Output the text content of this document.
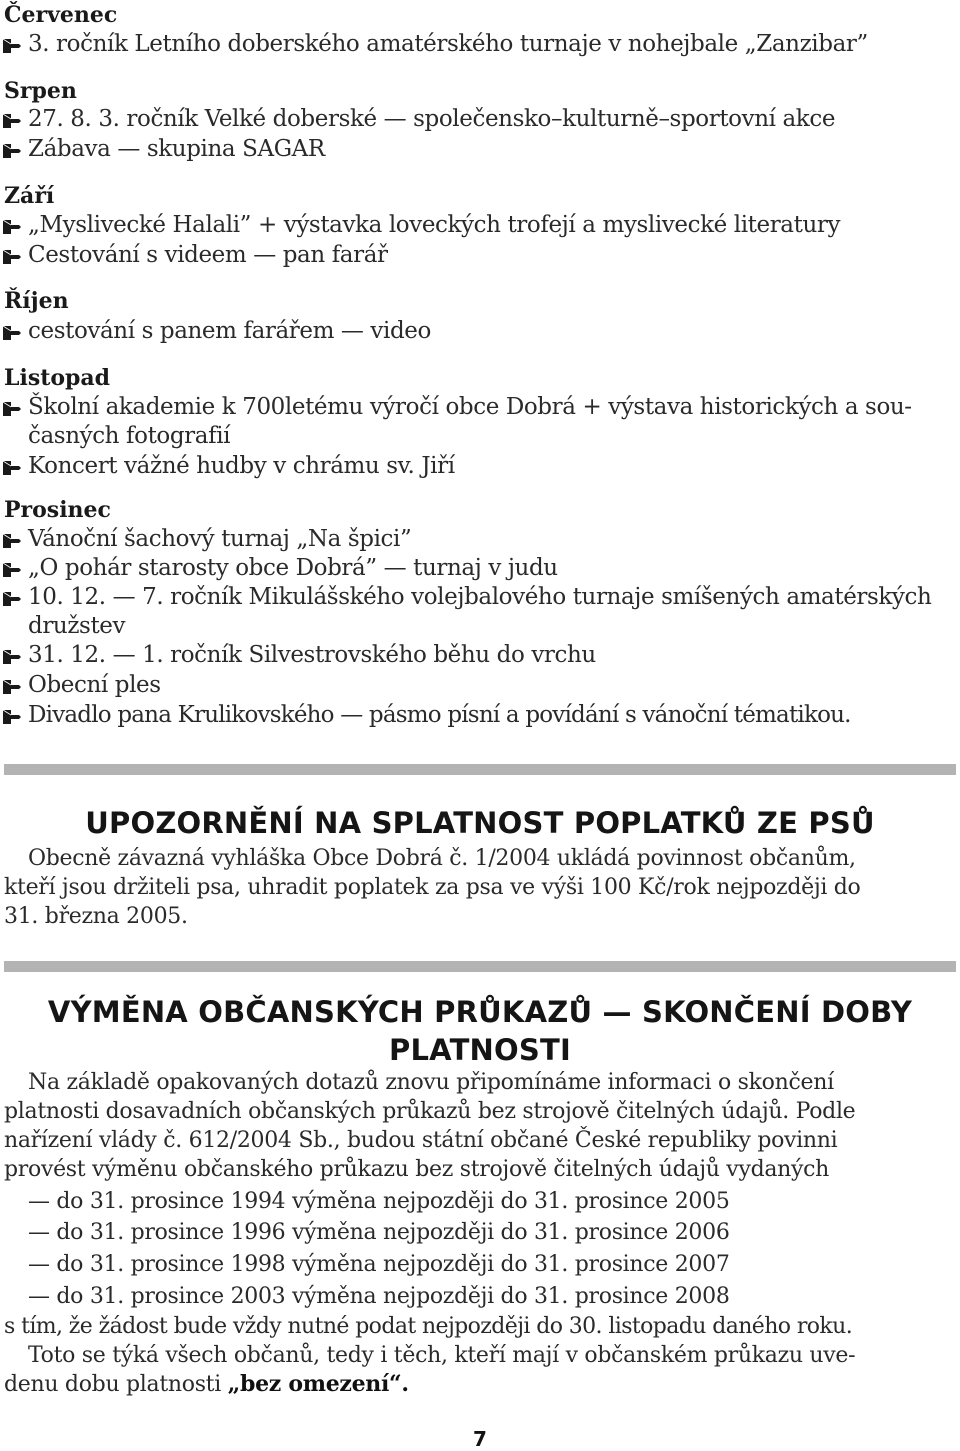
Červenec
3. ročník Letního doberského amatérského turnaje v nohejbale „Zanzibar”
Srpen
27. 8. 3. ročník Velké doberské — společensko–kulturně–sportovní akce
Zábava — skupina SAGAR
Září
„Myslivecké Halali” + výstavka loveckých trofejí a myslivecké literatury
Cestování s videem — pan farář
Říjen
cestování s panem farářem — video
Listopad
Školní akademie k 700letému výročí obce Dobrá + výstava historických a sou-
časných fotografií
Koncert vážné hudby v chrámu sv. Jiří
Prosinec
Vánoční šachový turnaj „Na špici”
„O pohár starosty obce Dobrá” — turnaj v judu
10. 12. — 7. ročník Mikulášského volejbalového turnaje smíšených amatérských
družstev
31. 12. — 1. ročník Silvestrovského běhu do vrchu
Obecní ples
Divadlo pana Krulikovského — pásmo písní a povídání s vánoční tématikou.
UPOZORNĚNÍ NA SPLATNOST POPLATKŮ ZE PSŮ
Obecně závazná vyhláška Obce Dobrá č. 1/2004 ukládá povinnost občanům,
kteří jsou držiteli psa, uhradit poplatek za psa ve výši 100 Kč/rok nejpozději do
31. března 2005.
VÝMĚNA OBČANSKÝCH PRŮKAZŮ — SKONČENÍ DOBY
PLATNOSTI
Na základě opakovaných dotazů znovu připomínáme informaci o skončení
platnosti dosavadních občanských průkazů bez strojově čitelných údajů. Podle
nařízení vlády č. 612/2004 Sb., budou státní občané České republiky povinni
provést výměnu občanského průkazu bez strojově čitelných údajů vydaných
— do 31. prosince 1994 výměna nejpozději do 31. prosince 2005
— do 31. prosince 1996 výměna nejpozději do 31. prosince 2006
— do 31. prosince 1998 výměna nejpozději do 31. prosince 2007
— do 31. prosince 2003 výměna nejpozději do 31. prosince 2008
s tím, že žádost bude vždy nutné podat nejpozději do 30. listopadu daného roku.
Toto se týká všech občanů, tedy i těch, kteří mají v občanském průkazu uve-
denu dobu platnosti „bez omezení“.
7
